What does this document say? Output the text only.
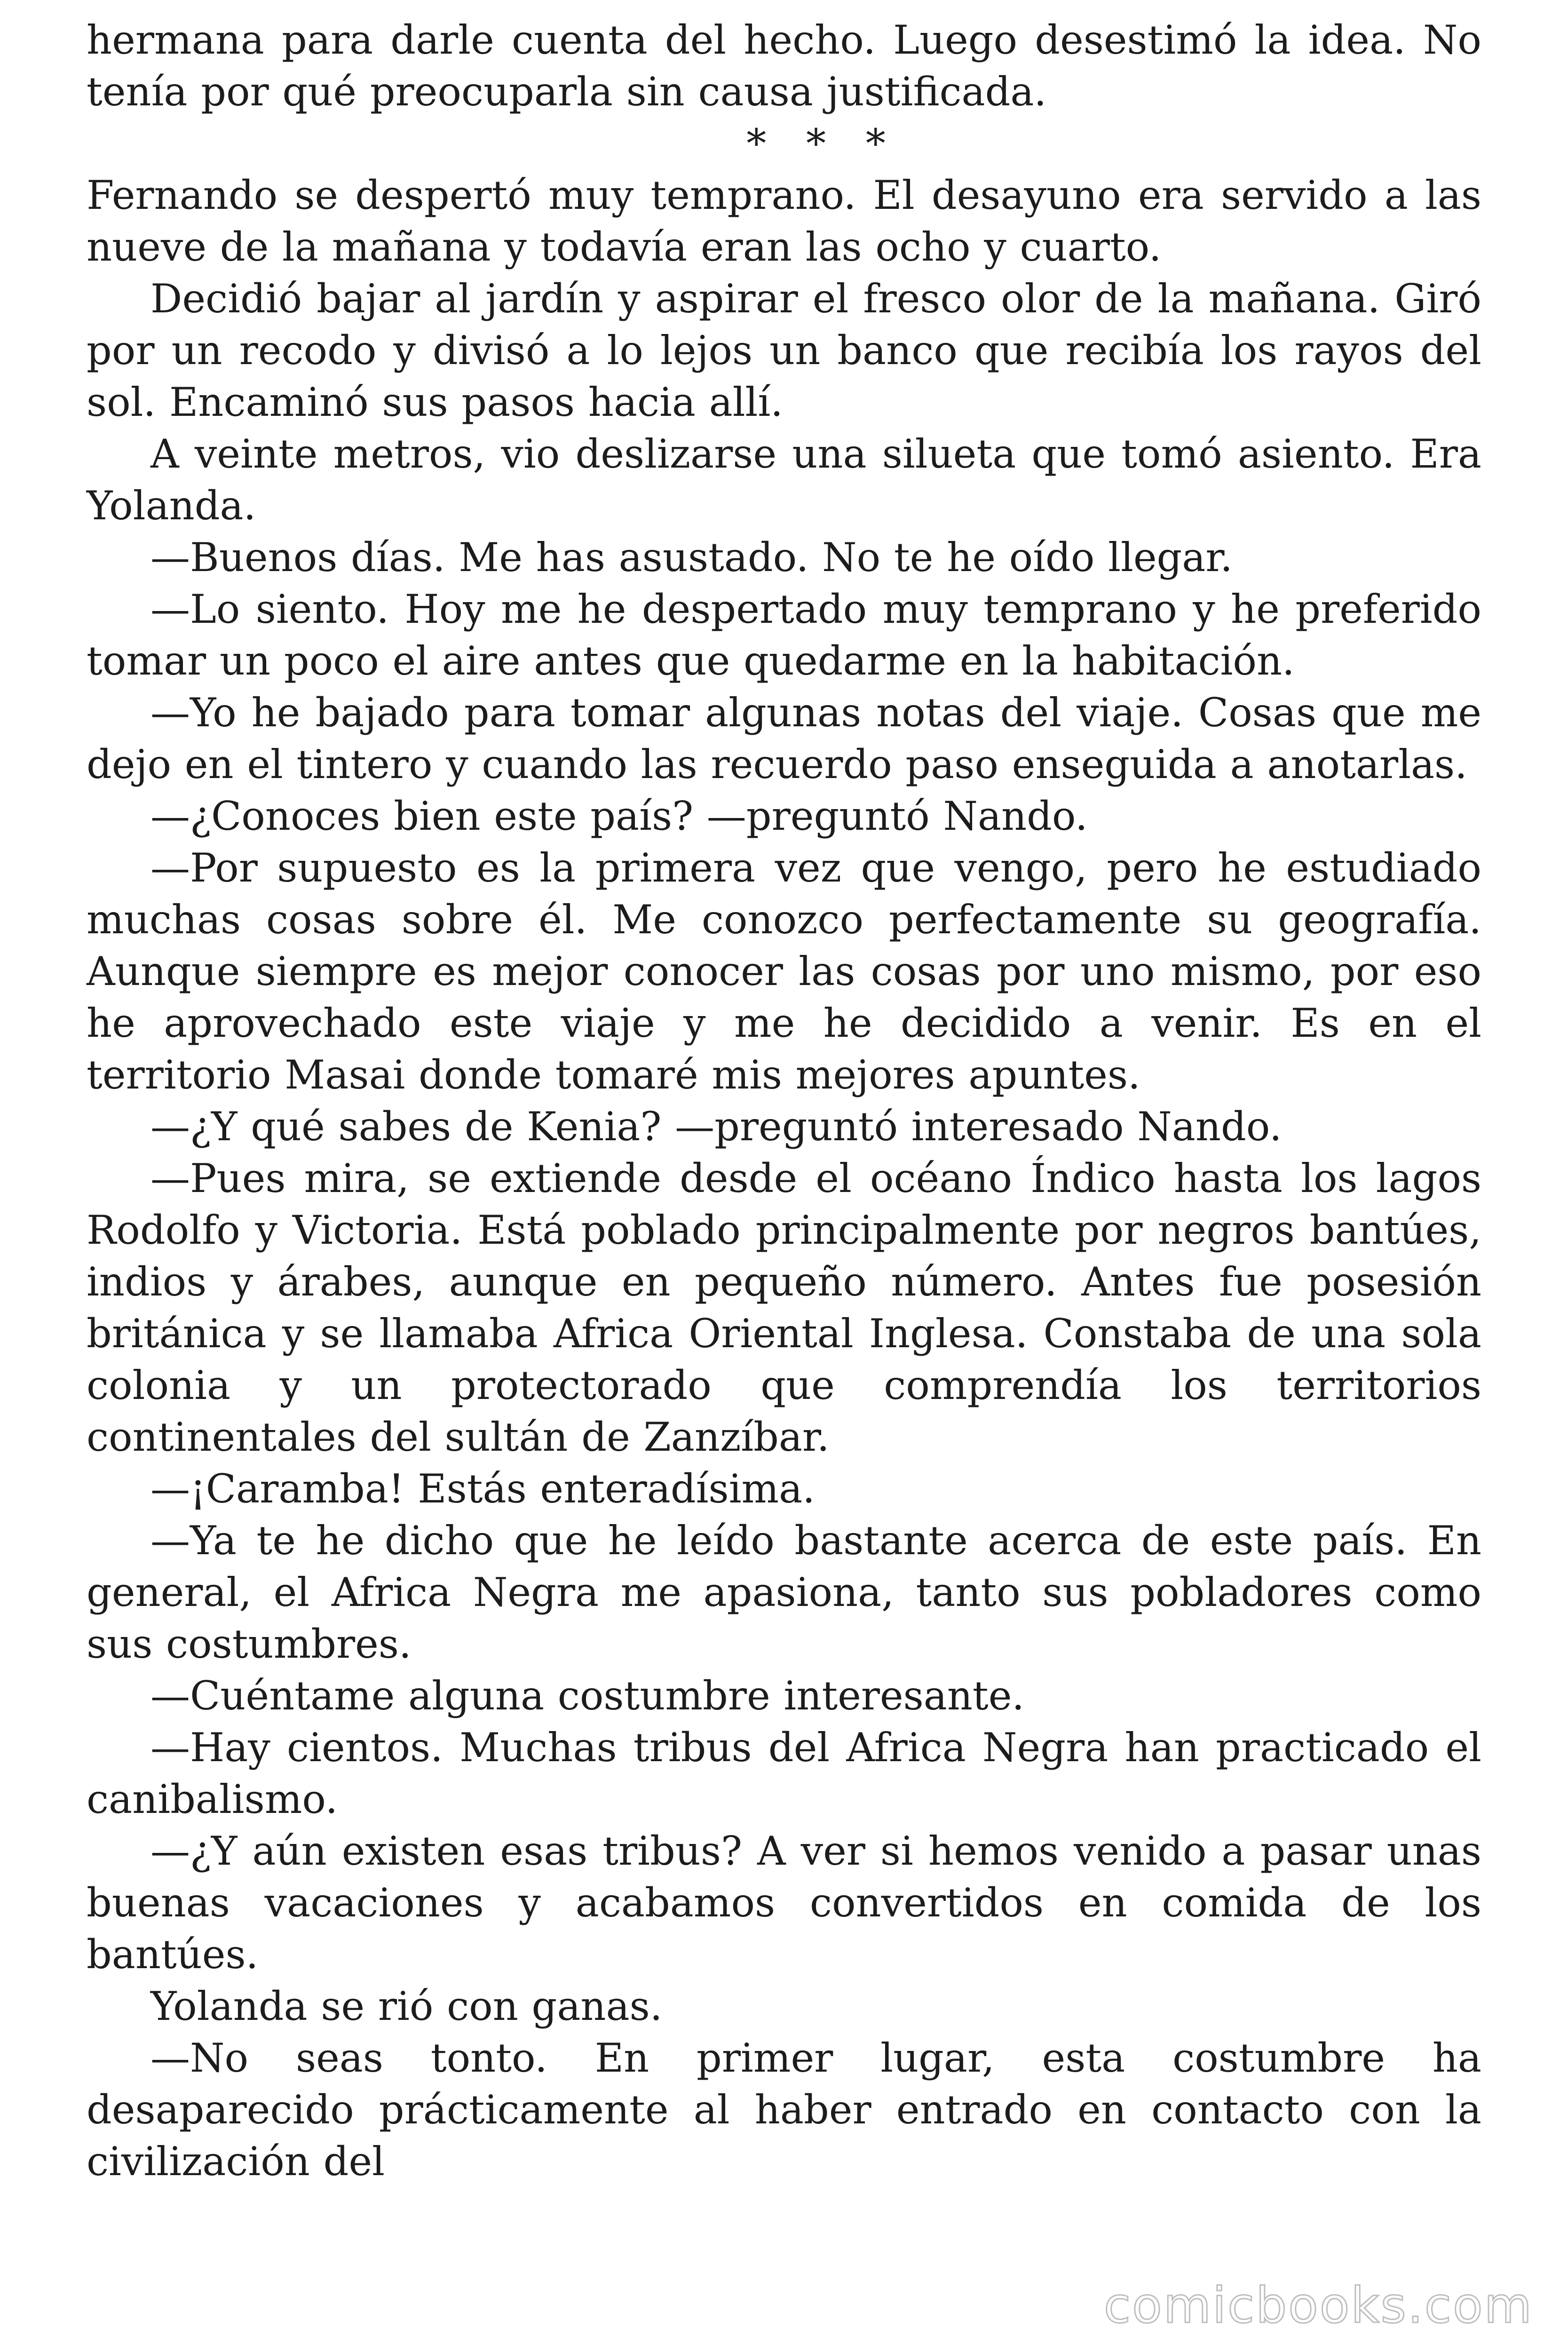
hermana para darle cuenta del hecho. Luego desestimó la idea. No tenía por qué preocuparla sin causa justificada.

* * *

Fernando se despertó muy temprano. El desayuno era servido a las nueve de la mañana y todavía eran las ocho y cuarto.

Decidió bajar al jardín y aspirar el fresco olor de la mañana. Giró por un recodo y divisó a lo lejos un banco que recibía los rayos del sol. Encaminó sus pasos hacia allí.

A veinte metros, vio deslizarse una silueta que tomó asiento. Era Yolanda.

—Buenos días. Me has asustado. No te he oído llegar.

—Lo siento. Hoy me he despertado muy temprano y he preferido tomar un poco el aire antes que quedarme en la habitación.

—Yo he bajado para tomar algunas notas del viaje. Cosas que me dejo en el tintero y cuando las recuerdo paso enseguida a anotarlas.

—¿Conoces bien este país? —preguntó Nando.

—Por supuesto es la primera vez que vengo, pero he estudiado muchas cosas sobre él. Me conozco perfectamente su geografía. Aunque siempre es mejor conocer las cosas por uno mismo, por eso he aprovechado este viaje y me he decidido a venir. Es en el territorio Masai donde tomaré mis mejores apuntes.

—¿Y qué sabes de Kenia? —preguntó interesado Nando.

—Pues mira, se extiende desde el océano Índico hasta los lagos Rodolfo y Victoria. Está poblado principalmente por negros bantúes, indios y árabes, aunque en pequeño número. Antes fue posesión británica y se llamaba Africa Oriental Inglesa. Constaba de una sola colonia y un protectorado que comprendía los territorios continentales del sultán de Zanzíbar.

—¡Caramba! Estás enteradísima.

—Ya te he dicho que he leído bastante acerca de este país. En general, el Africa Negra me apasiona, tanto sus pobladores como sus costumbres.

—Cuéntame alguna costumbre interesante.

—Hay cientos. Muchas tribus del Africa Negra han practicado el canibalismo.

—¿Y aún existen esas tribus? A ver si hemos venido a pasar unas buenas vacaciones y acabamos convertidos en comida de los bantúes.

Yolanda se rió con ganas.

—No seas tonto. En primer lugar, esta costumbre ha desaparecido prácticamente al haber entrado en contacto con la civilización del

comicbooks.com
